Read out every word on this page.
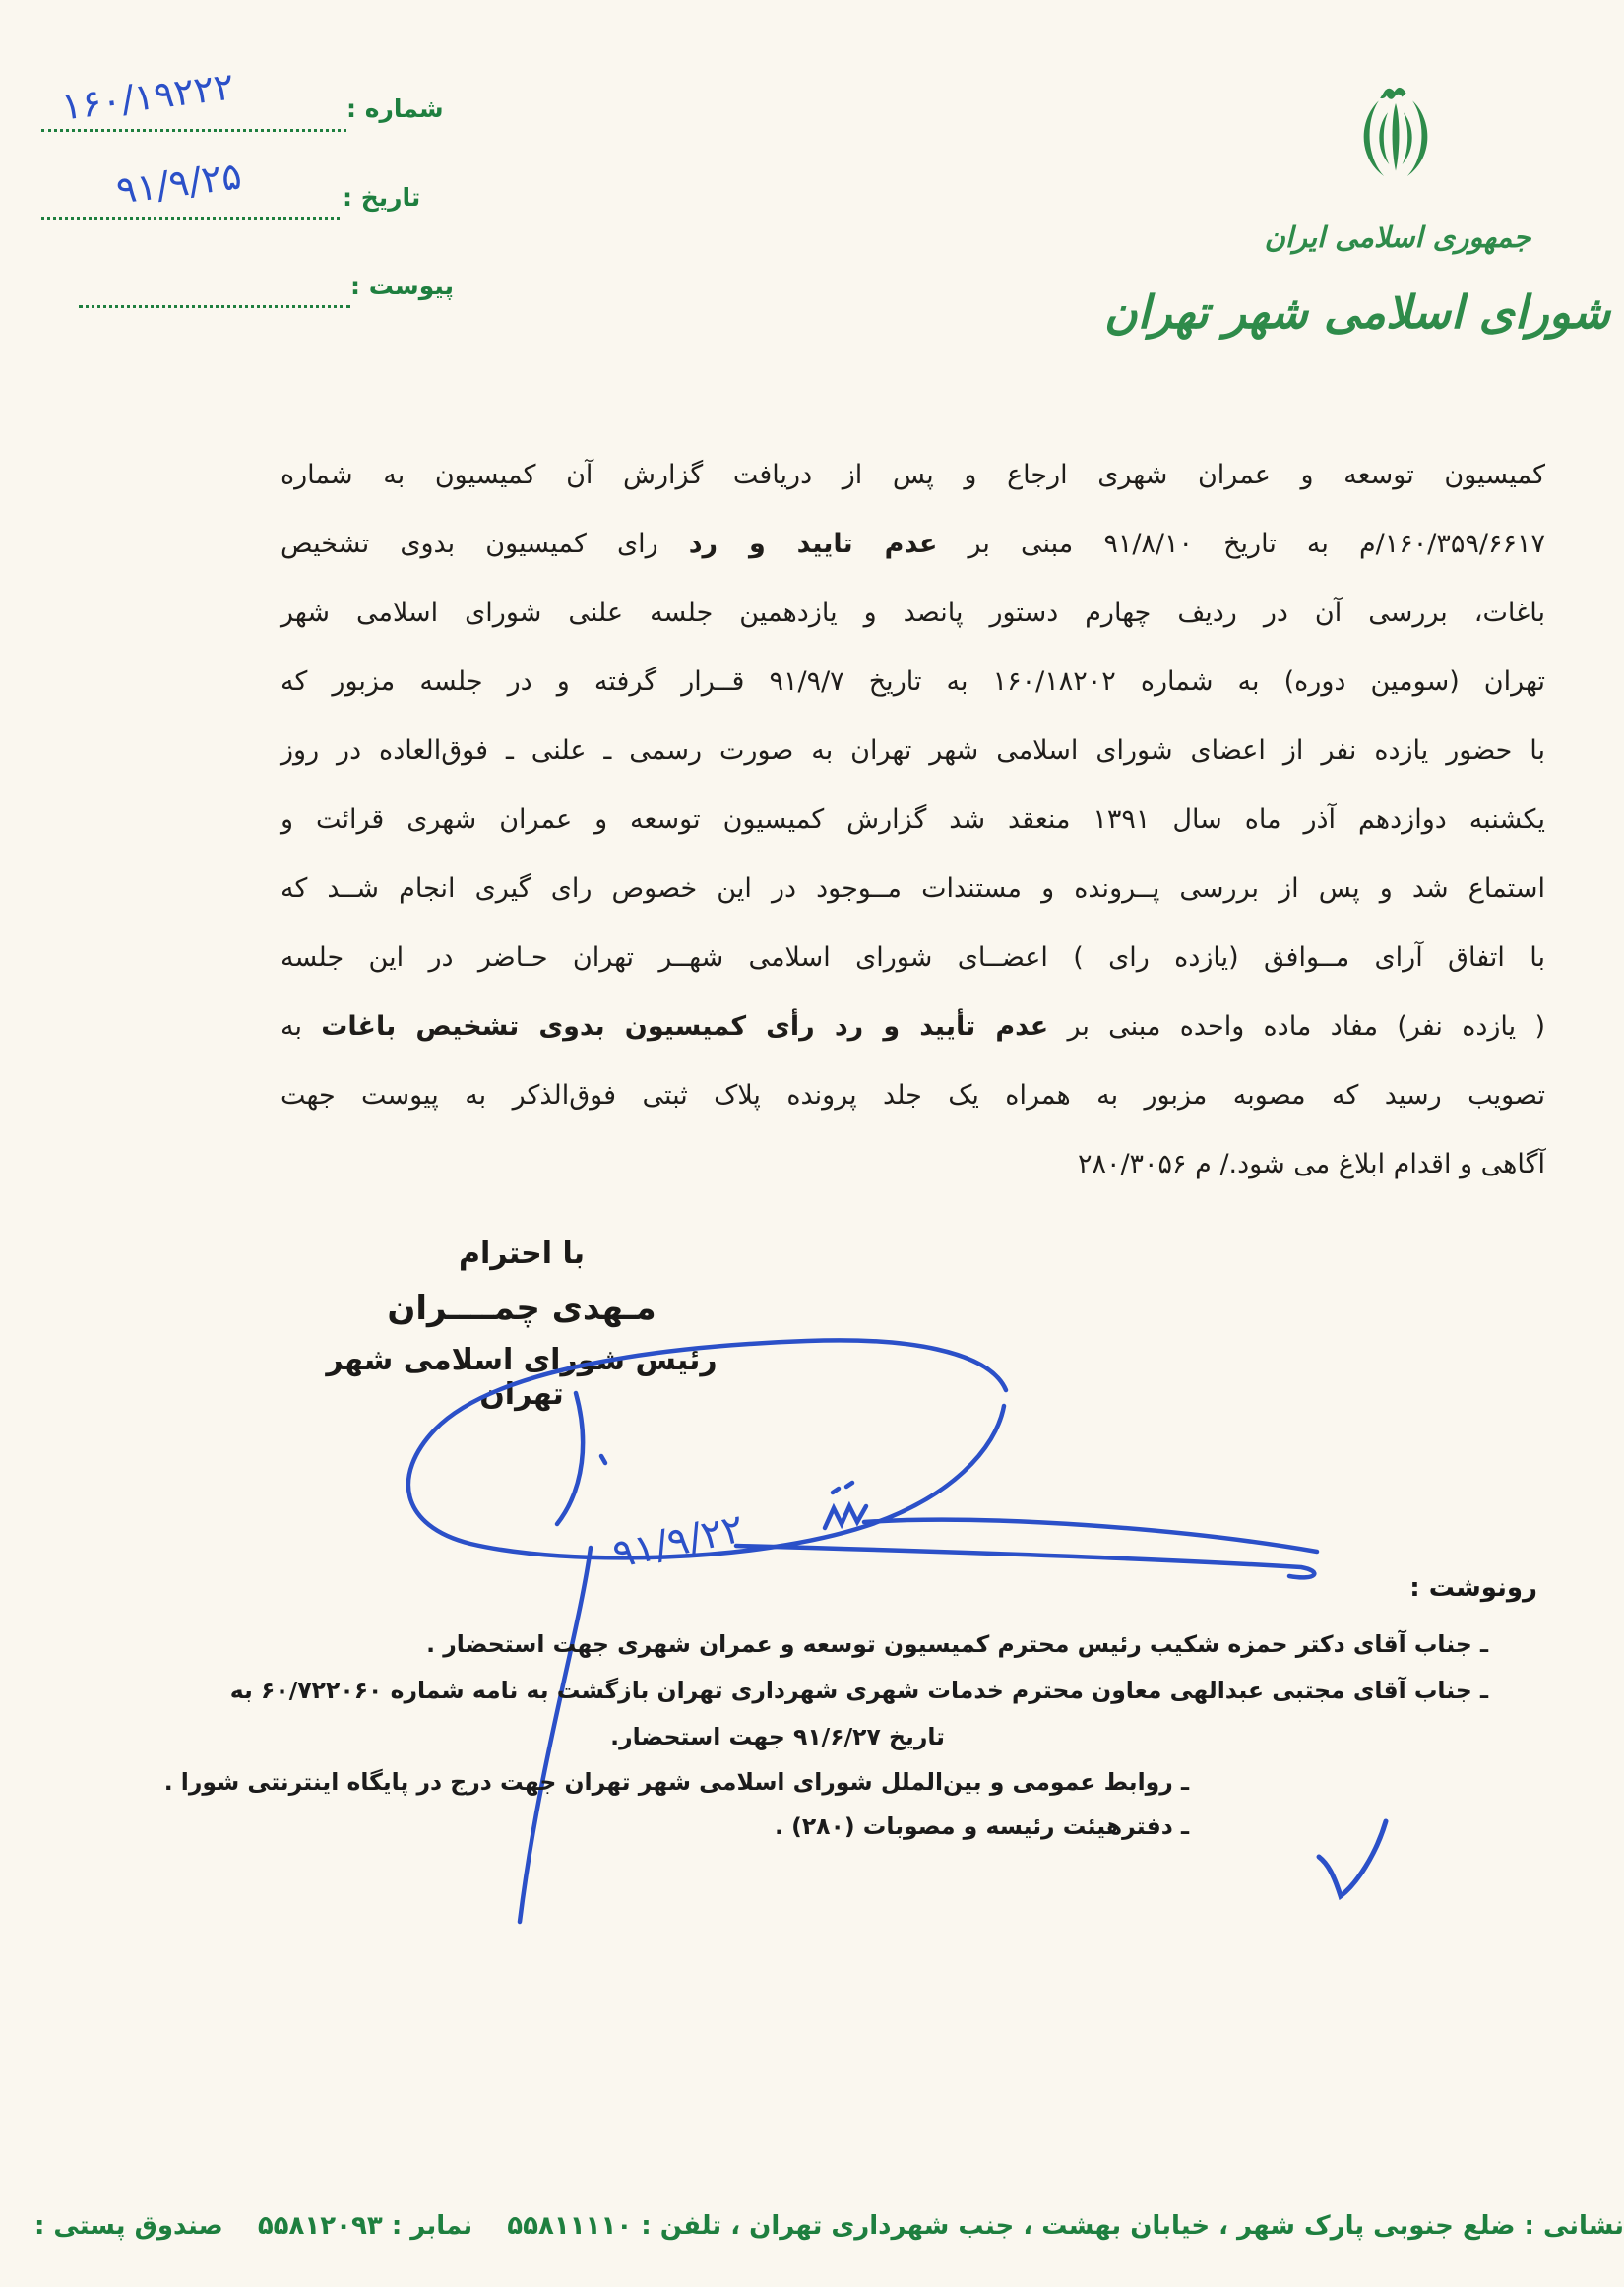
شماره :
۱۶۰/۱۹۲۲۲
تاریخ :
۹۱/۹/۲۵
پیوست :
جمهوری اسلامی ایران
شورای اسلامی شهر تهران
کمیسیون توسعه و عمران شهری ارجاع و پس از دریافت گزارش آن کمیسیون به شماره
۱۶۰/۳۵۹/۶۶۱۷/م به تاریخ ۹۱/۸/۱۰ مبنی بر عدم تایید و رد رای کمیسیون بدوی تشخیص
باغات، بررسی آن در ردیف چهارم دستور پانصد و یازدهمین جلسه علنی شورای اسلامی شهر
تهران (سومین دوره) به شماره ۱۶۰/۱۸۲۰۲ به تاریخ ۹۱/۹/۷ قــرار گرفته و در جلسه مزبور که
با حضور یازده نفر از اعضای شورای اسلامی شهر تهران به صورت رسمی ـ علنی ـ فوق‌العاده در روز
یکشنبه دوازدهم آذر ماه سال ۱۳۹۱ منعقد شد گزارش کمیسیون توسعه و عمران شهری قرائت و
استماع شد و پس از بررسی پــرونده و مستندات مــوجود در این خصوص رای گیری انجام شــد که
با اتفاق آرای مــوافق (یازده رای ) اعضــای شورای اسلامی شهــر تهران حـاضر در این جلسه
( یازده نفر) مفاد ماده واحده مبنی بر عدم تأیید و رد رأی کمیسیون بدوی تشخیص باغات به
تصویب رسید که مصوبه مزبور به همراه یک جلد پرونده پلاک ثبتی فوق‌الذکر به پیوست جهت
آگاهی و اقدام ابلاغ می شود./ م ۲۸۰/۳۰۵۶
با احترام
مـهدی چمــــران
رئیس شورای اسلامی شهر تهران
۹۱/۹/۲۲
رونوشت :
ـ جناب آقای دکتر حمزه شکیب رئیس محترم کمیسیون توسعه و عمران شهری جهت استحضار .
ـ جناب آقای مجتبی عبدالهی معاون محترم خدمات شهری شهرداری تهران بازگشت به نامه شماره ۶۰/۷۲۲۰۶۰ به
تاریخ ۹۱/۶/۲۷ جهت استحضار.
ـ روابط عمومی و بین‌الملل شورای اسلامی شهر تهران جهت درج در پایگاه اینترنتی شورا .
ـ دفترهیئت رئیسه و مصوبات (۲۸۰) .
نشانی : ضلع جنوبی پارک شهر ، خیابان بهشت ، جنب شهرداری تهران ، تلفن : ۵۵۸۱۱۱۱۰ نمابر : ۵۵۸۱۲۰۹۳ صندوق پستی :
